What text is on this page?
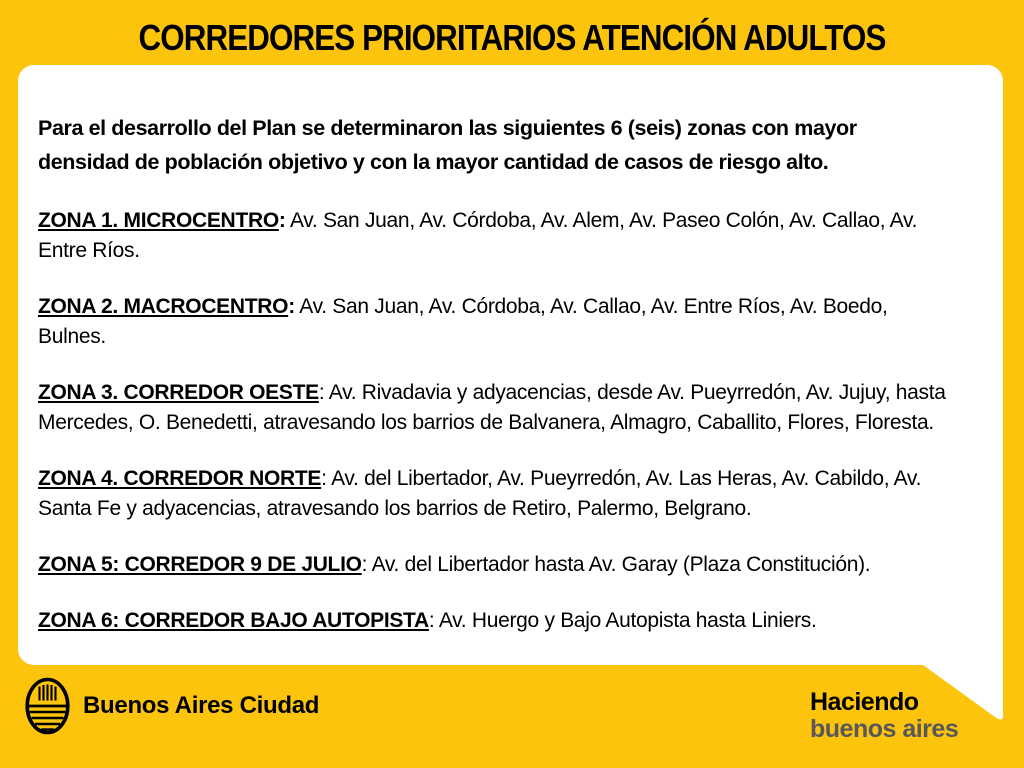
CORREDORES PRIORITARIOS ATENCIÓN ADULTOS

Para el desarrollo del Plan se determinaron las siguientes 6 (seis) zonas con mayor densidad de población objetivo y con la mayor cantidad de casos de riesgo alto.

ZONA 1. MICROCENTRO: Av. San Juan, Av. Córdoba, Av. Alem, Av. Paseo Colón, Av. Callao, Av. Entre Ríos.

ZONA 2. MACROCENTRO: Av. San Juan, Av. Córdoba, Av. Callao, Av. Entre Ríos, Av. Boedo, Bulnes.

ZONA 3. CORREDOR OESTE: Av. Rivadavia y adyacencias, desde Av. Pueyrredón, Av. Jujuy, hasta Mercedes, O. Benedetti, atravesando los barrios de Balvanera, Almagro, Caballito, Flores, Floresta.

ZONA 4. CORREDOR NORTE: Av. del Libertador, Av. Pueyrredón, Av. Las Heras, Av. Cabildo, Av. Santa Fe y adyacencias, atravesando los barrios de Retiro, Palermo, Belgrano.

ZONA 5: CORREDOR 9 DE JULIO: Av. del Libertador hasta Av. Garay (Plaza Constitución).

ZONA 6: CORREDOR BAJO AUTOPISTA: Av. Huergo y Bajo Autopista hasta Liniers.

Buenos Aires Ciudad	Haciendo
buenos aires
